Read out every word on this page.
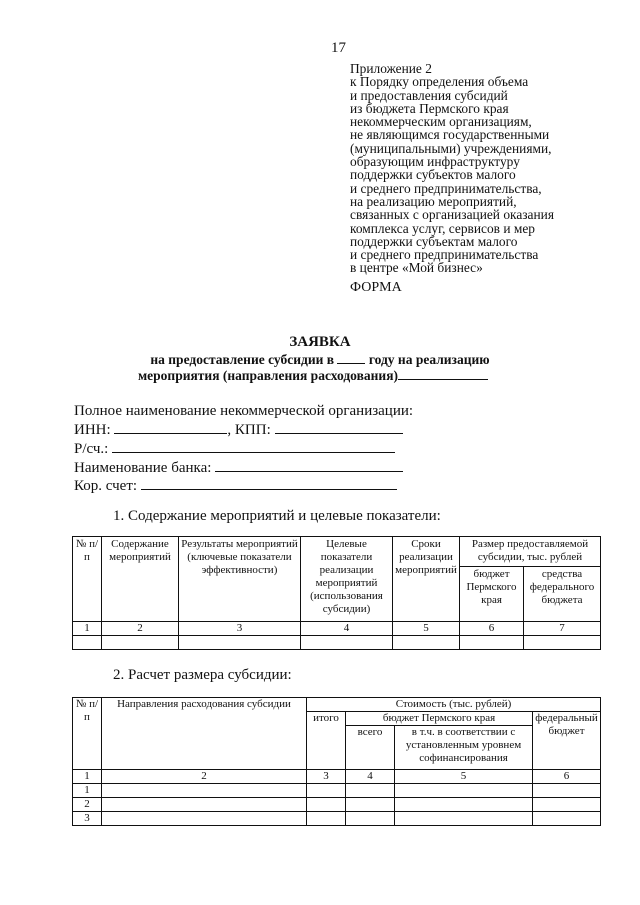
17
Приложение 2
к Порядку определения объема
и предоставления субсидий
из бюджета Пермского края
некоммерческим организациям,
не являющимся государственными
(муниципальными) учреждениями,
образующим инфраструктуру
поддержки субъектов малого
и среднего предпринимательства,
на реализацию мероприятий,
связанных с организацией оказания
комплекса услуг, сервисов и мер
поддержки субъектам малого
и среднего предпринимательства
в центре «Мой бизнес»
ФОРМА
ЗАЯВКА
на предоставление субсидии в	году на реализацию
мероприятия (направления расходования)
Полное наименование некоммерческой организации:
ИНН:	, КПП:
Р/сч.:
Наименование банка:
Кор. счет:
1. Содержание мероприятий и целевые показатели:
№ п/п	Содержание мероприятий	Результаты мероприятий (ключевые показатели эффективности)	Целевые показатели реализации мероприятий (использования субсидии)	Сроки реализации мероприятий	Размер предоставляемой субсидии, тыс. рублей	
					бюджет Пермского края	средства федерального бюджета
1	2	3	4	5	6	7

2. Расчет размера субсидии:
№ п/п	Направления расходования субсидии	Стоимость (тыс. рублей)			
		итого	бюджет Пермского края		федеральный бюджет
			всего	в т.ч. в соответствии с установленным уровнем софинансирования	
1	2	3	4	5	6
1					
2					
3					
